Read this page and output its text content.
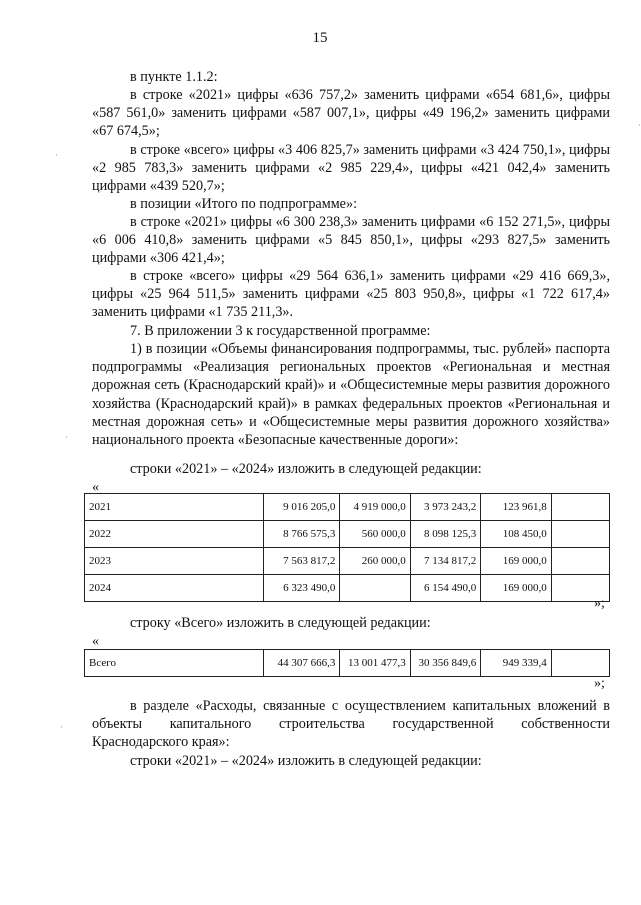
15
·
·
·
·
в пункте 1.1.2:
в строке «2021» цифры «636 757,2» заменить цифрами «654 681,6», цифры «587 561,0» заменить цифрами «587 007,1», цифры «49 196,2» заменить цифрами «67 674,5»;
в строке «всего» цифры «3 406 825,7» заменить цифрами «3 424 750,1», цифры «2 985 783,3» заменить цифрами «2 985 229,4», цифры «421 042,4» заменить цифрами «439 520,7»;
в позиции «Итого по подпрограмме»:
в строке «2021» цифры «6 300 238,3» заменить цифрами «6 152 271,5», цифры «6 006 410,8» заменить цифрами «5 845 850,1», цифры «293 827,5» заменить цифрами «306 421,4»;
в строке «всего» цифры «29 564 636,1» заменить цифрами «29 416 669,3», цифры «25 964 511,5» заменить цифрами «25 803 950,8», цифры «1 722 617,4» заменить цифрами «1 735 211,3».
7. В приложении 3 к государственной программе:
1) в позиции «Объемы финансирования подпрограммы, тыс. рублей» паспорта подпрограммы «Реализация региональных проектов «Региональная и местная дорожная сеть (Краснодарский край)» и «Общесистемные меры развития дорожного хозяйства (Краснодарский край)» в рамках федеральных проектов «Региональная и местная дорожная сеть» и «Общесистемные меры развития дорожного хозяйства» национального проекта «Безопасные качественные дороги»:
строки «2021» – «2024» изложить в следующей редакции:
«
2021	9 016 205,0	4 919 000,0	3 973 243,2	123 961,8	
2022	8 766 575,3	560 000,0	8 098 125,3	108 450,0	
2023	7 563 817,2	260 000,0	7 134 817,2	169 000,0	
2024	6 323 490,0		6 154 490,0	169 000,0	
»;
строку «Всего» изложить в следующей редакции:
«
Всего	44 307 666,3	13 001 477,3	30 356 849,6	949 339,4	
»;
в разделе «Расходы, связанные с осуществлением капитальных вложений в объекты капитального строительства государственной собственности Краснодарского края»:
строки «2021» – «2024» изложить в следующей редакции:
